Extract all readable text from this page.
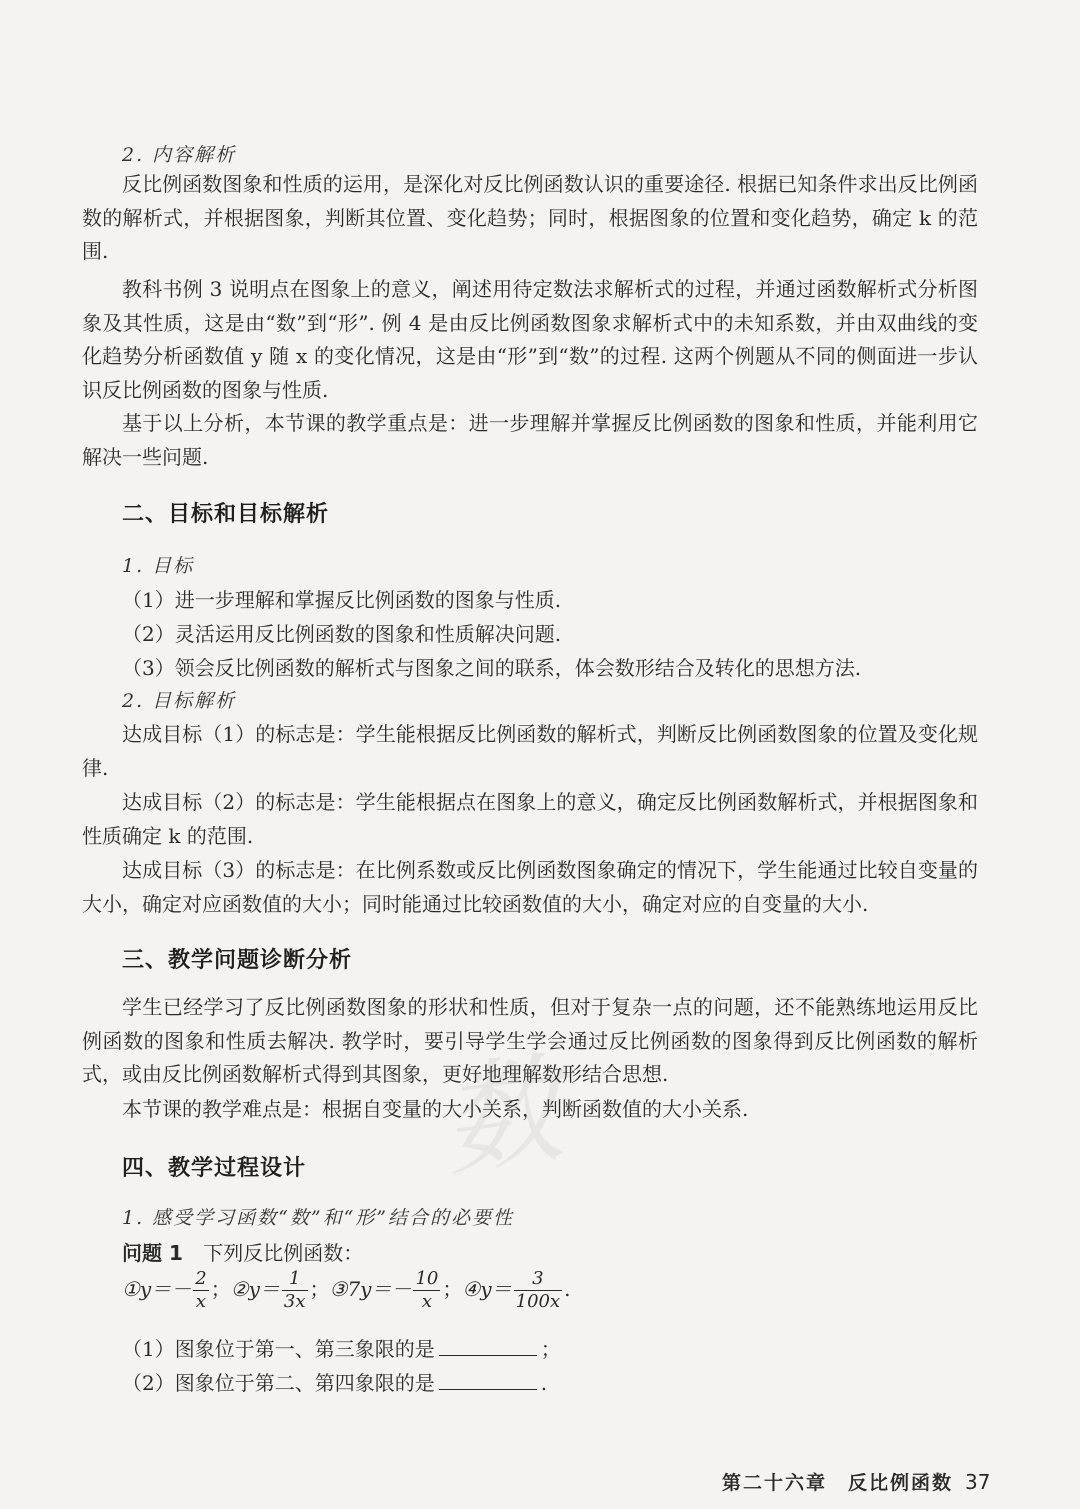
数
2. 内容解析

反比例函数图象和性质的运用，是深化对反比例函数认识的重要途径. 根据已知条件求出反比例函数的解析式，并根据图象，判断其位置、变化趋势；同时，根据图象的位置和变化趋势，确定 k 的范围.

教科书例 3 说明点在图象上的意义，阐述用待定数法求解析式的过程，并通过函数解析式分析图象及其性质，这是由“数”到“形”. 例 4 是由反比例函数图象求解析式中的未知系数，并由双曲线的变化趋势分析函数值 y 随 x 的变化情况，这是由“形”到“数”的过程. 这两个例题从不同的侧面进一步认识反比例函数的图象与性质.

基于以上分析，本节课的教学重点是：进一步理解并掌握反比例函数的图象和性质，并能利用它解决一些问题.

二、目标和目标解析
1. 目标
（1）进一步理解和掌握反比例函数的图象与性质.
（2）灵活运用反比例函数的图象和性质解决问题.
（3）领会反比例函数的解析式与图象之间的联系，体会数形结合及转化的思想方法.
2. 目标解析

达成目标（1）的标志是：学生能根据反比例函数的解析式，判断反比例函数图象的位置及变化规律.

达成目标（2）的标志是：学生能根据点在图象上的意义，确定反比例函数解析式，并根据图象和性质确定 k 的范围.

达成目标（3）的标志是：在比例系数或反比例函数图象确定的情况下，学生能通过比较自变量的大小，确定对应函数值的大小；同时能通过比较函数值的大小，确定对应的自变量的大小.

三、教学问题诊断分析

学生已经学习了反比例函数图象的形状和性质，但对于复杂一点的问题，还不能熟练地运用反比例函数的图象和性质去解决. 教学时，要引导学生学会通过反比例函数的图象得到反比例函数的解析式，或由反比例函数解析式得到其图象，更好地理解数形结合思想.

本节课的教学难点是：根据自变量的大小关系，判断函数值的大小关系.

四、教学过程设计
1. 感受学习函数“数”和“形”结合的必要性
问题 1 下列反比例函数：
①y＝－ $\frac{2}{x}$ ；②y＝ $\frac{1}{3x}$ ；③7y＝－ $\frac{10}{x}$ ；④y＝ $\frac{3}{100x}$ .
（1）图象位于第一、第三象限的是	；
（2）图象位于第二、第四象限的是	.
第二十六章　反比例函数 37
